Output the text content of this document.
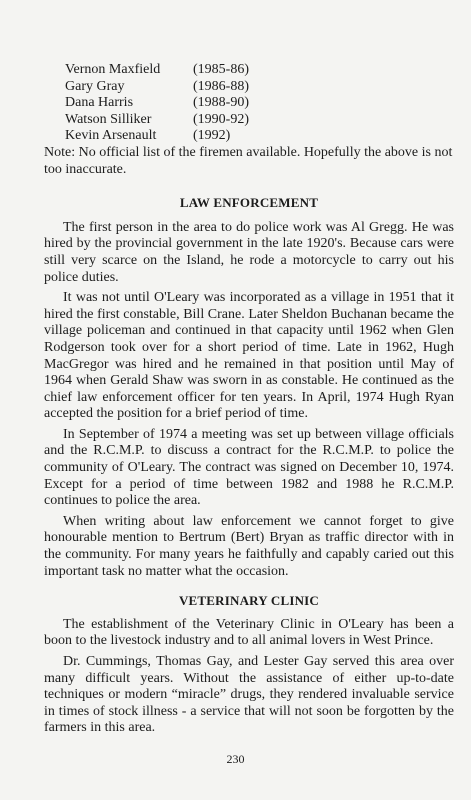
Vernon Maxfield	(1985-86)
Gary Gray	(1986-88)
Dana Harris	(1988-90)
Watson Silliker	(1990-92)
Kevin Arsenault	(1992)

Note: No official list of the firemen available. Hopefully the above is not too inaccurate.

LAW ENFORCEMENT

The first person in the area to do police work was Al Gregg. He was hired by the provincial government in the late 1920's. Because cars were still very scarce on the Island, he rode a motorcycle to carry out his police duties.

It was not until O'Leary was incorporated as a village in 1951 that it hired the first constable, Bill Crane. Later Sheldon Buchanan became the village policeman and continued in that capacity until 1962 when Glen Rodgerson took over for a short period of time. Late in 1962, Hugh MacGregor was hired and he remained in that position until May of 1964 when Gerald Shaw was sworn in as constable. He continued as the chief law enforcement officer for ten years. In April, 1974 Hugh Ryan accepted the position for a brief period of time.

In September of 1974 a meeting was set up between village officials and the R.C.M.P. to discuss a contract for the R.C.M.P. to police the community of O'Leary. The contract was signed on December 10, 1974. Except for a period of time between 1982 and 1988 he R.C.M.P. continues to police the area.

When writing about law enforcement we cannot forget to give honourable mention to Bertrum (Bert) Bryan as traffic director with in the community. For many years he faithfully and capably caried out this important task no matter what the occasion.

VETERINARY CLINIC

The establishment of the Veterinary Clinic in O'Leary has been a boon to the livestock industry and to all animal lovers in West Prince.

Dr. Cummings, Thomas Gay, and Lester Gay served this area over many difficult years. Without the assistance of either up-to-date techniques or modern “miracle” drugs, they rendered invaluable service in times of stock illness - a service that will not soon be forgotten by the farmers in this area.

230
